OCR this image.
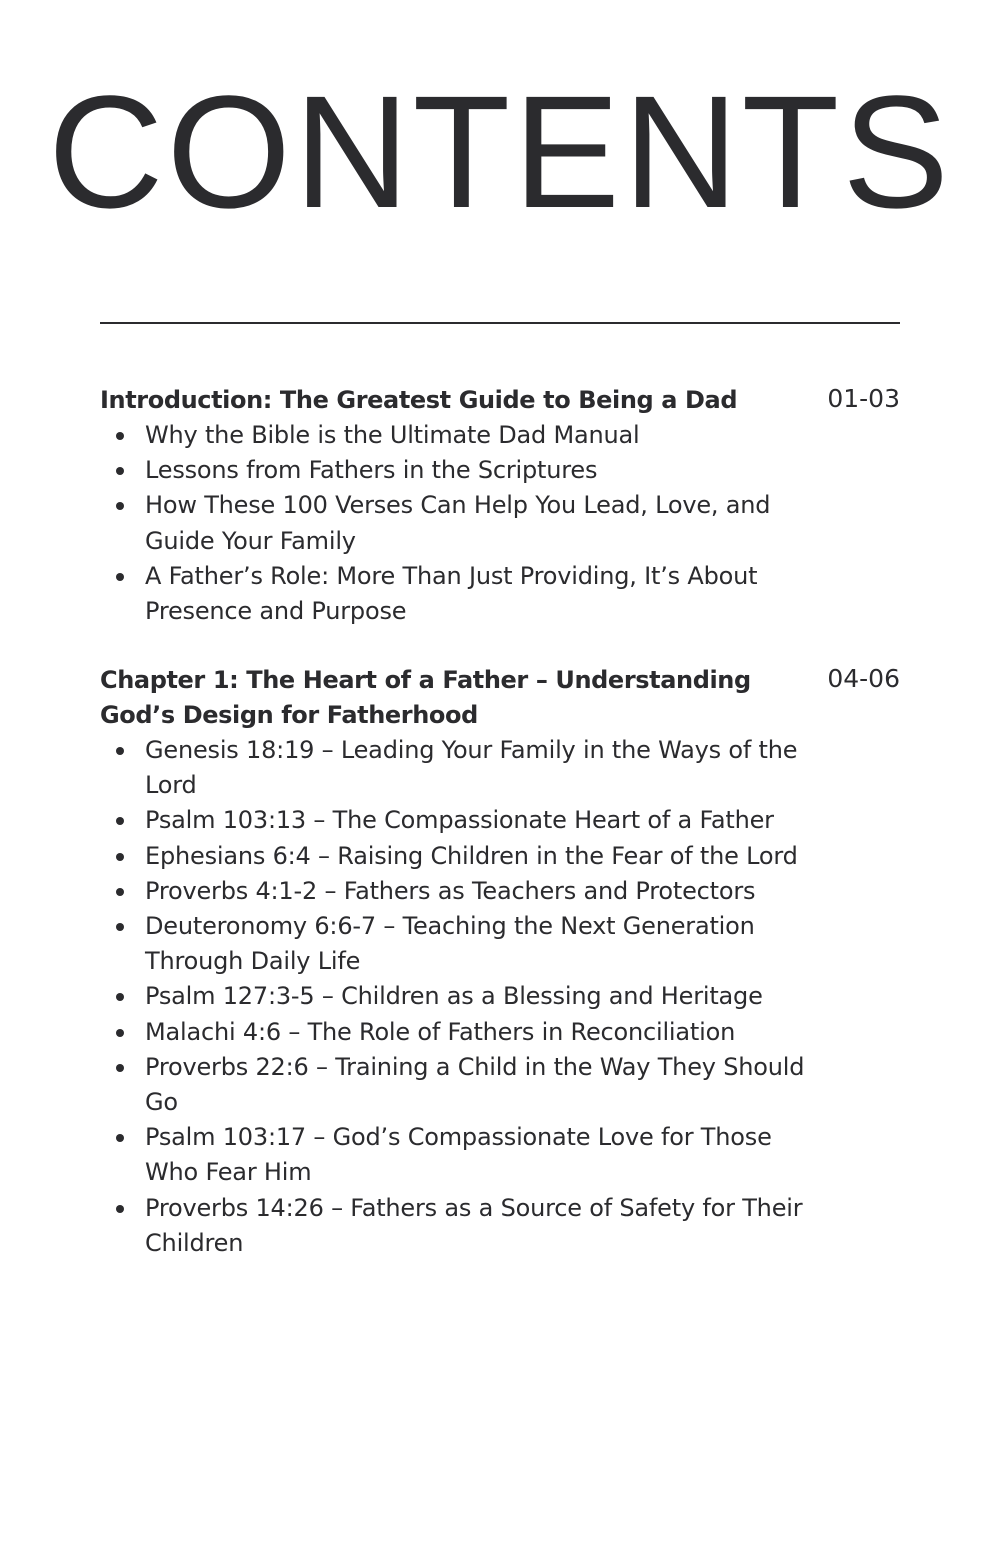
CONTENTS

Introduction: The Greatest Guide to Being a Dad	01-03
Why the Bible is the Ultimate Dad Manual
Lessons from Fathers in the Scriptures
How These 100 Verses Can Help You Lead, Love, and Guide Your Family
A Father’s Role: More Than Just Providing, It’s About Presence and Purpose

Chapter 1: The Heart of a Father – Understanding God’s Design for Fatherhood

04-06
Genesis 18:19 – Leading Your Family in the Ways of the Lord
Psalm 103:13 – The Compassionate Heart of a Father
Ephesians 6:4 – Raising Children in the Fear of the Lord
Proverbs 4:1-2 – Fathers as Teachers and Protectors
Deuteronomy 6:6-7 – Teaching the Next Generation Through Daily Life
Psalm 127:3-5 – Children as a Blessing and Heritage
Malachi 4:6 – The Role of Fathers in Reconciliation
Proverbs 22:6 – Training a Child in the Way They Should Go
Psalm 103:17 – God’s Compassionate Love for Those Who Fear Him
Proverbs 14:26 – Fathers as a Source of Safety for Their Children
